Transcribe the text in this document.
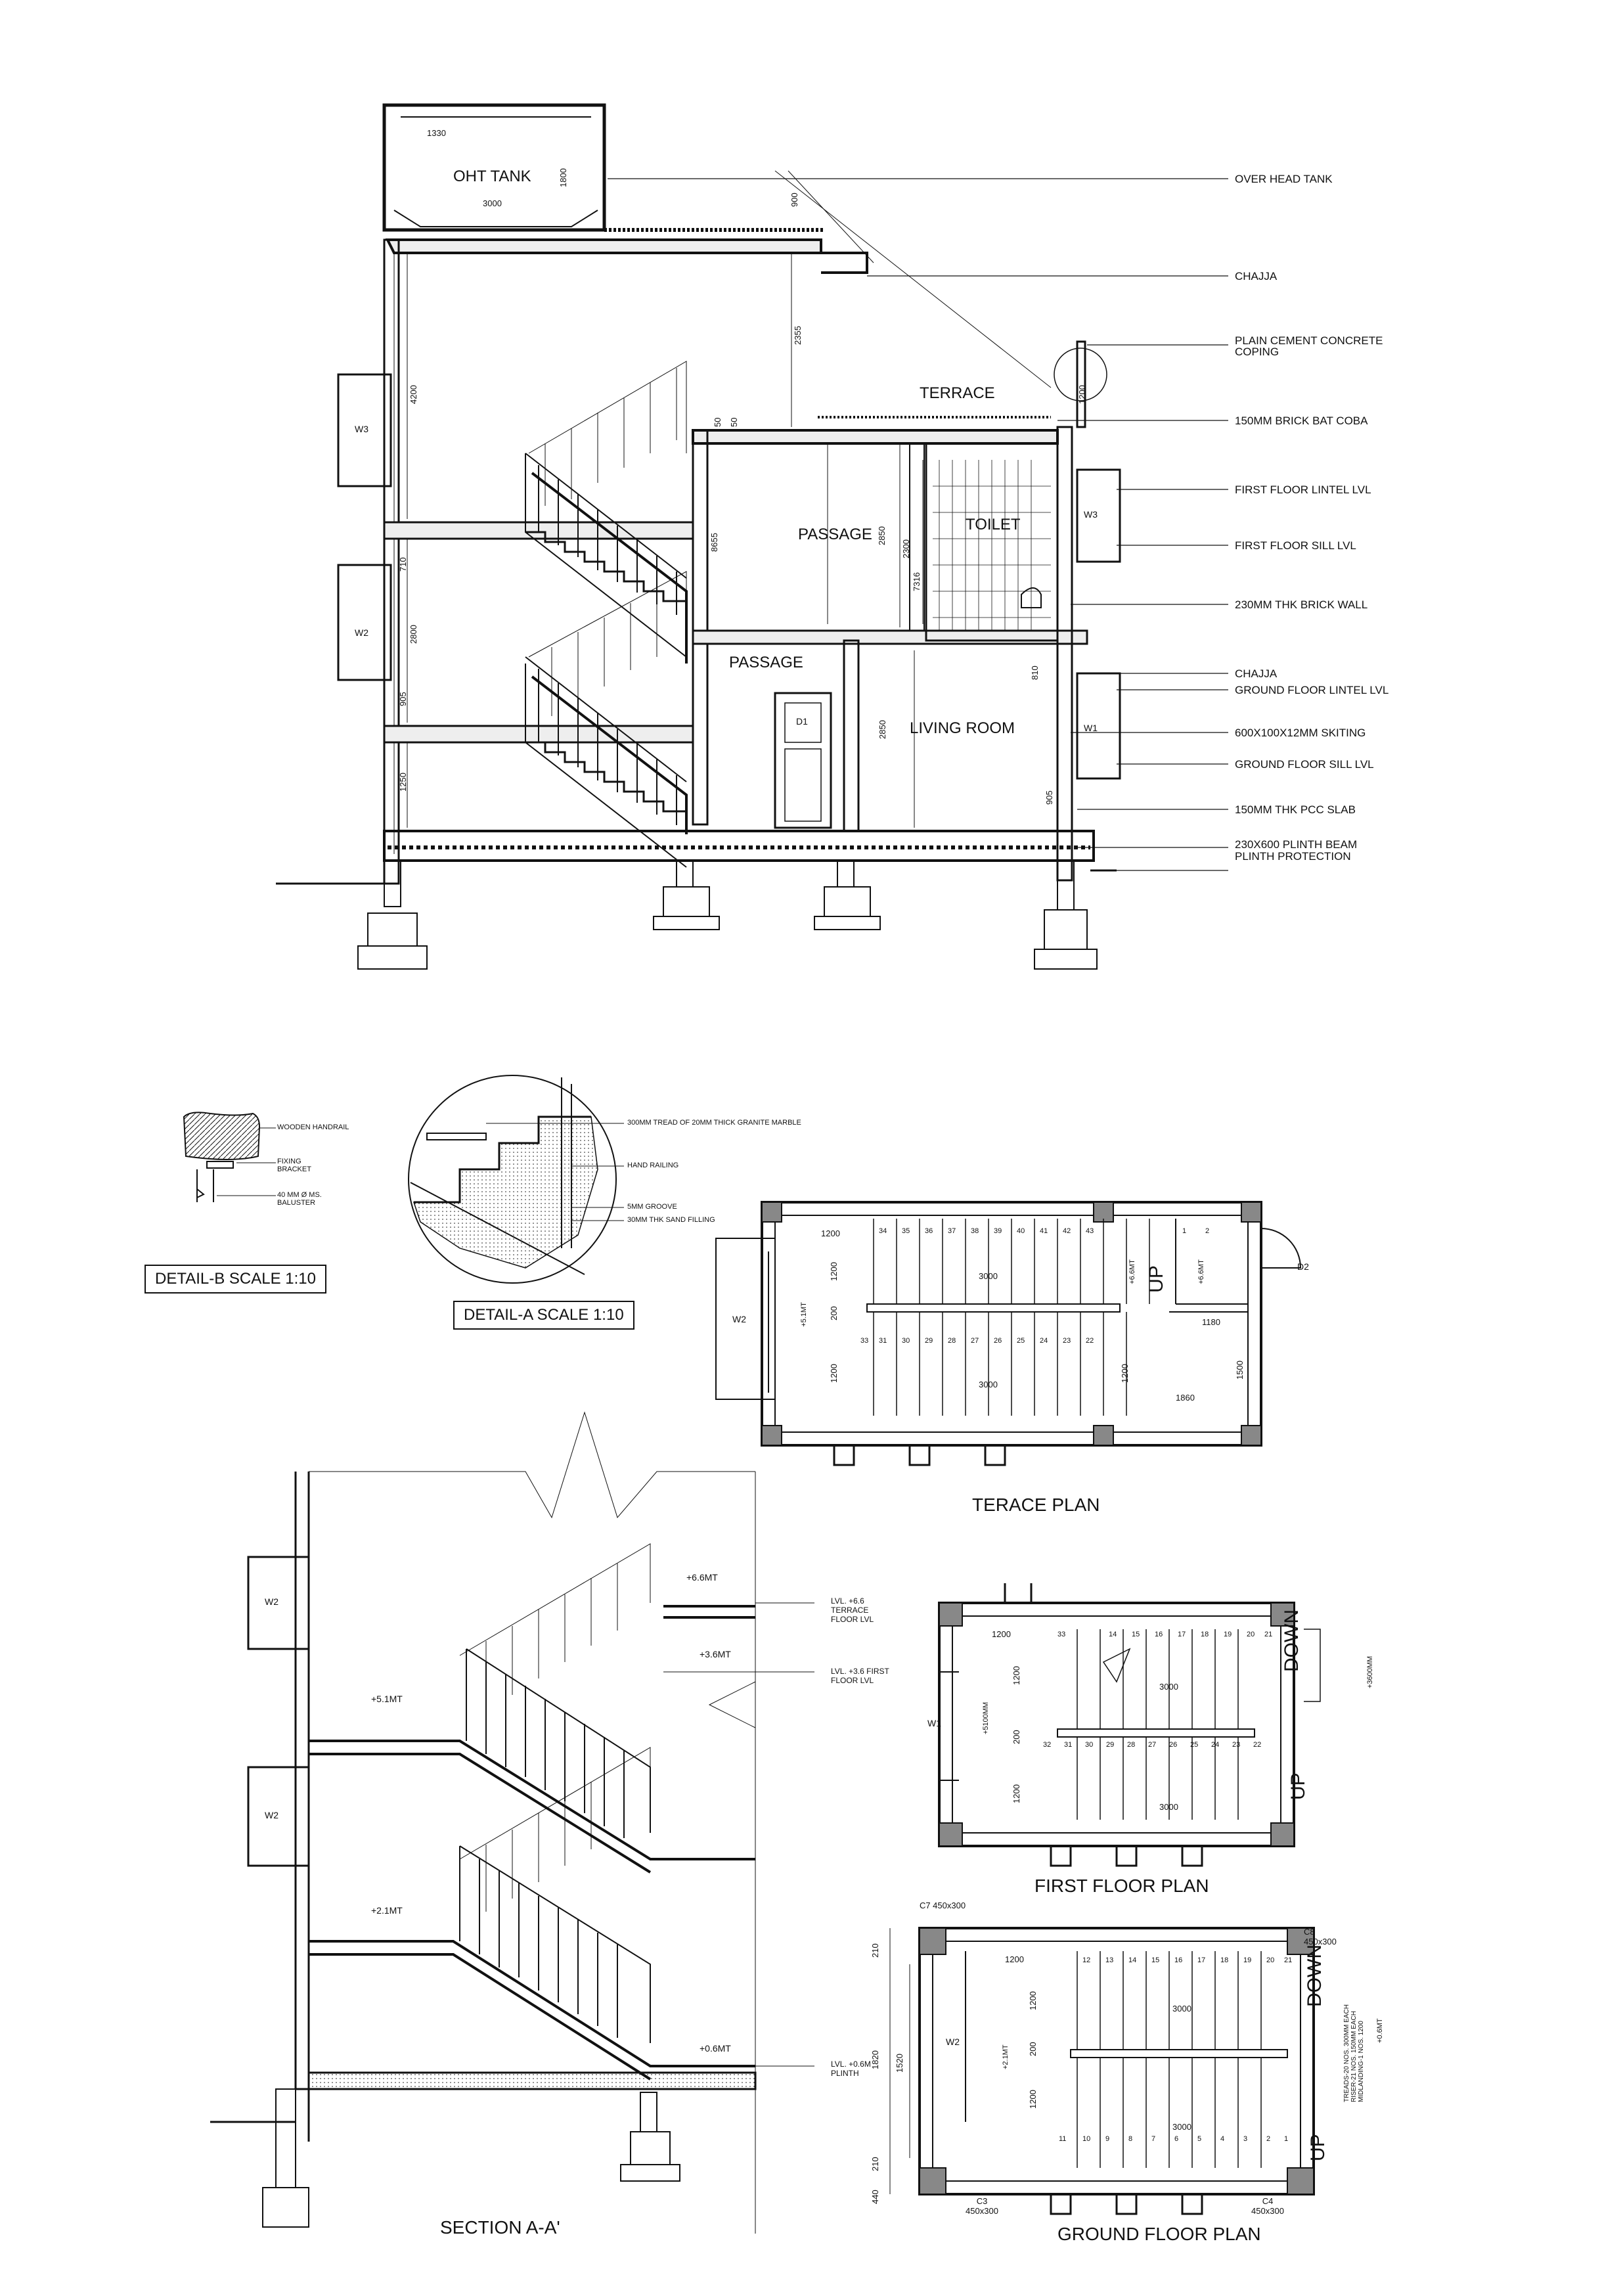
OHT TANK
TERRACE
PASSAGE
TOILET
PASSAGE
LIVING ROOM
W3
W2
W3
W1
D1
1330
3000
1800
900
4200
2355
1200
50 50
8655	2850
2300
7316
710
2800
905
1250
810
2850
905
OVER HEAD TANK
CHAJJA
PLAIN CEMENT CONCRETE COPING
150MM BRICK BAT COBA
FIRST FLOOR LINTEL LVL
FIRST FLOOR SILL LVL
230MM THK BRICK WALL
CHAJJA
GROUND FLOOR LINTEL LVL
600X100X12MM SKITING
GROUND FLOOR SILL LVL
150MM THK PCC SLAB
230X600 PLINTH BEAM
PLINTH PROTECTION
WOODEN HANDRAIL
FIXING BRACKET
40 MM Ø MS. BALUSTER
DETAIL-B SCALE 1:10
300MM TREAD OF 20MM THICK GRANITE MARBLE
HAND RAILING
5MM GROOVE
30MM THK SAND FILLING
DETAIL-A SCALE 1:10
TERACE PLAN
UP
+6.6MT	+6.6MT
+5.1MT
1200
1200	3000
200
1200
3000
1200
1180
1500
1860
W2
D2
34 35 36 37 38 39 40 41 42 43	1	2
33 31 30 29 28 27 26 25 24 23 22
SECTION A-A'
+6.6MT
+5.1MT
+3.6MT
+2.1MT
+0.6MT
LVL. +6.6 TERRACE FLOOR LVL
LVL. +3.6 FIRST FLOOR LVL
LVL. +0.6M PLINTH
W2
W2
FIRST FLOOR PLAN
DOWN
UP
+5100MM
+3600MM
1200
1200
3000
200
1200
3000
W1
33	14 15 16 17 18 19 20 21
32 31 30 29 28 27 26 25 24 23 22
GROUND FLOOR PLAN
DOWN
UP
C7 450x300
C8 450x300
C3 450x300
C4 450x300
+2.1MT
+0.6MT
TREADS-20 NOS. 300MM EACH RISER-21 NOS. 150MM EACH MIDLANDING-1 NOS. 1200
W2
1200
1200	3000
200
1200
3000
210
1820 1520
210
440
12 13 14 15 16 17 18 19 20 21
11 10 9	8	7	6	5	4	3	2 1
